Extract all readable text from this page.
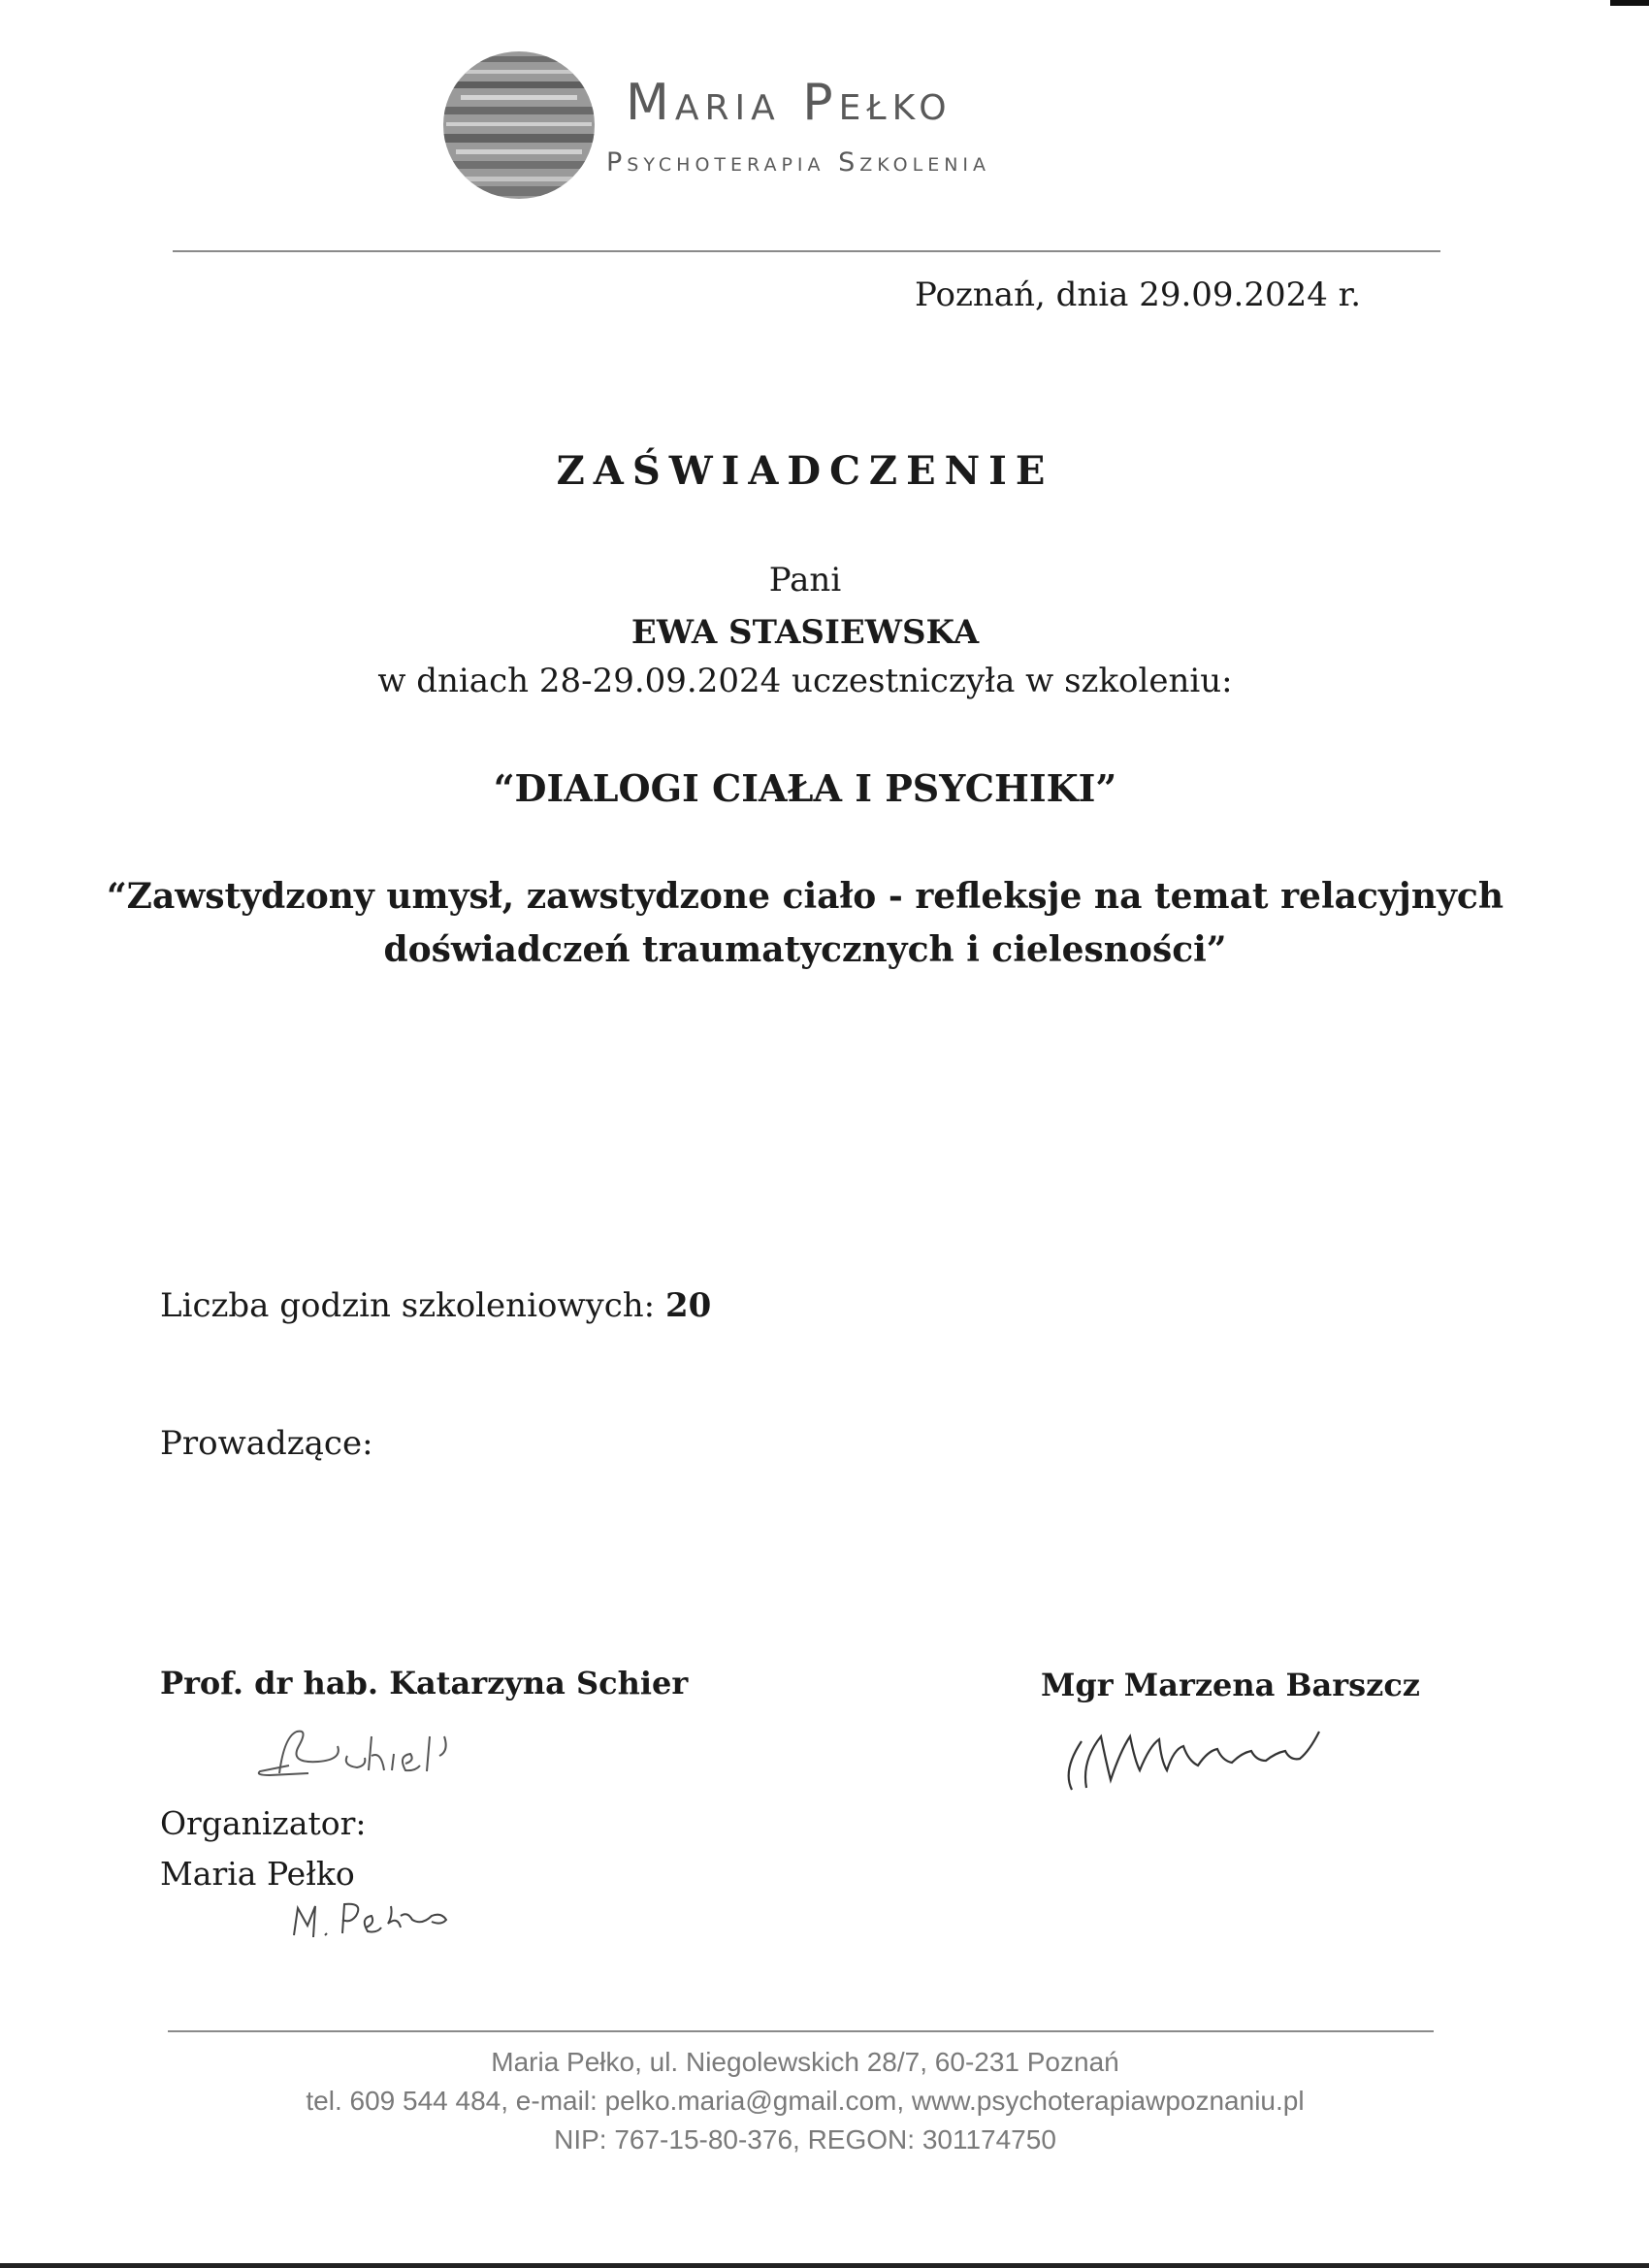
Maria Pełko
Psychoterapia Szkolenia
Poznań, dnia 29.09.2024 r.
ZAŚWIADCZENIE
Pani
EWA STASIEWSKA
w dniach 28-29.09.2024 uczestniczyła w szkoleniu:
“DIALOGI CIAŁA I PSYCHIKI”
“Zawstydzony umysł, zawstydzone ciało - refleksje na temat relacyjnych
doświadczeń traumatycznych i cielesności”
Liczba godzin szkoleniowych: 20
Prowadzące:
Prof. dr hab. Katarzyna Schier	Mgr Marzena Barszcz
Organizator:
Maria Pełko
Maria Pełko, ul. Niegolewskich 28/7, 60-231 Poznań
tel. 609 544 484, e-mail: pelko.maria@gmail.com, www.psychoterapiawpoznaniu.pl
NIP: 767-15-80-376, REGON: 301174750
